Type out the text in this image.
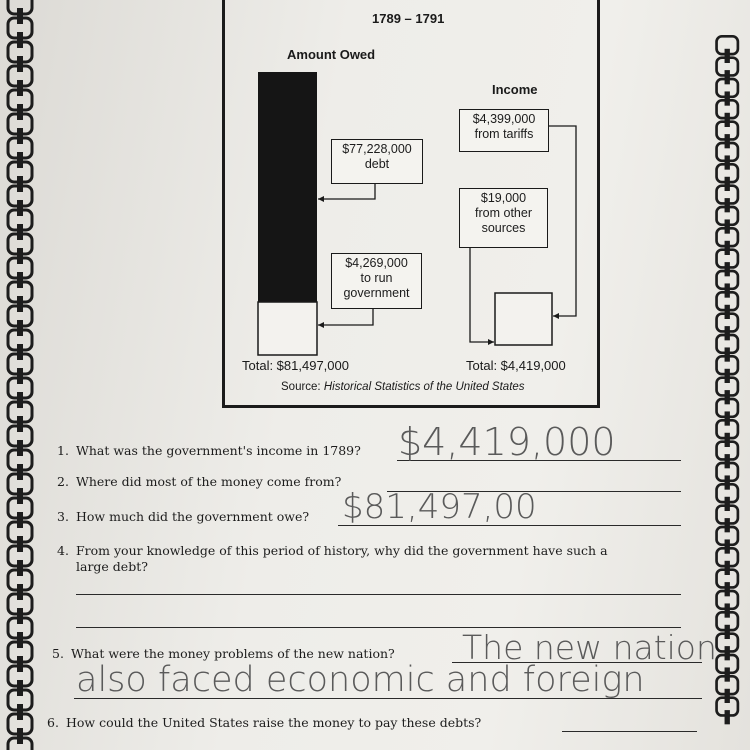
1789 – 1791
Amount Owed
Income
$77,228,000
debt
$4,269,000
to run
government
$4,399,000
from tariffs
$19,000
from other
sources
Total: $81,497,000	Total: $4,419,000
Source: Historical Statistics of the United States
1. What was the government's income in 1789? $4,419,000
2. Where did most of the money come from?
3. How much did the government owe? $81,497,00
4. From your knowledge of this period of history, why did the government have such a
large debt?
5. What were the money problems of the new nation? The new nation
also faced economic and foreign
6. How could the United States raise the money to pay these debts?
